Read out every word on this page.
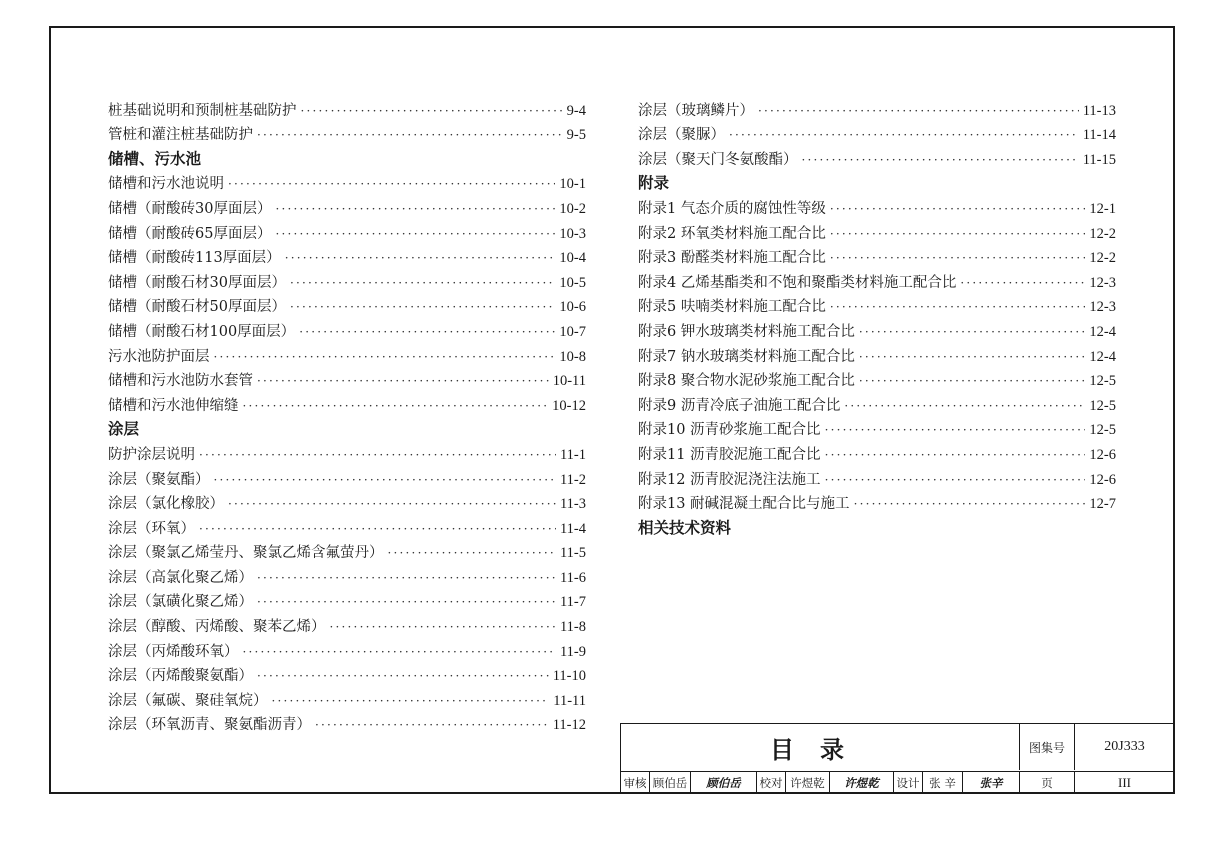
桩基础说明和预制桩基础防护 ·····	9-4
管桩和灌注桩基础防护 ·····	9-5
储槽、污水池
储槽和污水池说明 ·····	10-1
储槽（耐酸砖30厚面层） ·····	10-2
储槽（耐酸砖65厚面层） ·····	10-3
储槽（耐酸砖113厚面层） ·····	10-4
储槽（耐酸石材30厚面层） ·····	10-5
储槽（耐酸石材50厚面层） ·····	10-6
储槽（耐酸石材100厚面层） ·····	10-7
污水池防护面层 ·····	10-8
储槽和污水池防水套管 ·····	10-11
储槽和污水池伸缩缝 ·····	10-12
涂层
防护涂层说明 ·····	11-1
涂层（聚氨酯） ·····	11-2
涂层（氯化橡胶） ·····	11-3
涂层（环氧） ·····	11-4
涂层（聚氯乙烯莹丹、聚氯乙烯含氟萤丹） ·····	11-5
涂层（高氯化聚乙烯） ·····	11-6
涂层（氯磺化聚乙烯） ·····	11-7
涂层（醇酸、丙烯酸、聚苯乙烯） ·····	11-8
涂层（丙烯酸环氧） ·····	11-9
涂层（丙烯酸聚氨酯） ·····	11-10
涂层（氟碳、聚硅氧烷） ·····	11-11
涂层（环氧沥青、聚氨酯沥青） ·····	11-12
涂层（玻璃鳞片） ·····	11-13
涂层（聚脲） ·····	11-14
涂层（聚天门冬氨酸酯） ·····	11-15
附录
附录1 气态介质的腐蚀性等级 ·····	12-1
附录2 环氧类材料施工配合比 ·····	12-2
附录3 酚醛类材料施工配合比 ·····	12-2
附录4 乙烯基酯类和不饱和聚酯类材料施工配合比 ·····	12-3
附录5 呋喃类材料施工配合比 ·····	12-3
附录6 钾水玻璃类材料施工配合比 ·····	12-4
附录7 钠水玻璃类材料施工配合比 ·····	12-4
附录8 聚合物水泥砂浆施工配合比 ·····	12-5
附录9 沥青冷底子油施工配合比 ·····	12-5
附录10 沥青砂浆施工配合比 ·····	12-5
附录11 沥青胶泥施工配合比 ·····	12-6
附录12 沥青胶泥浇注法施工 ·····	12-6
附录13 耐碱混凝土配合比与施工 ·····	12-7
相关技术资料
目录	图集号	20J333
审核 顾伯岳	顾伯岳	校对 许煜乾	许煜乾	设计 张 辛	张辛	页	III
